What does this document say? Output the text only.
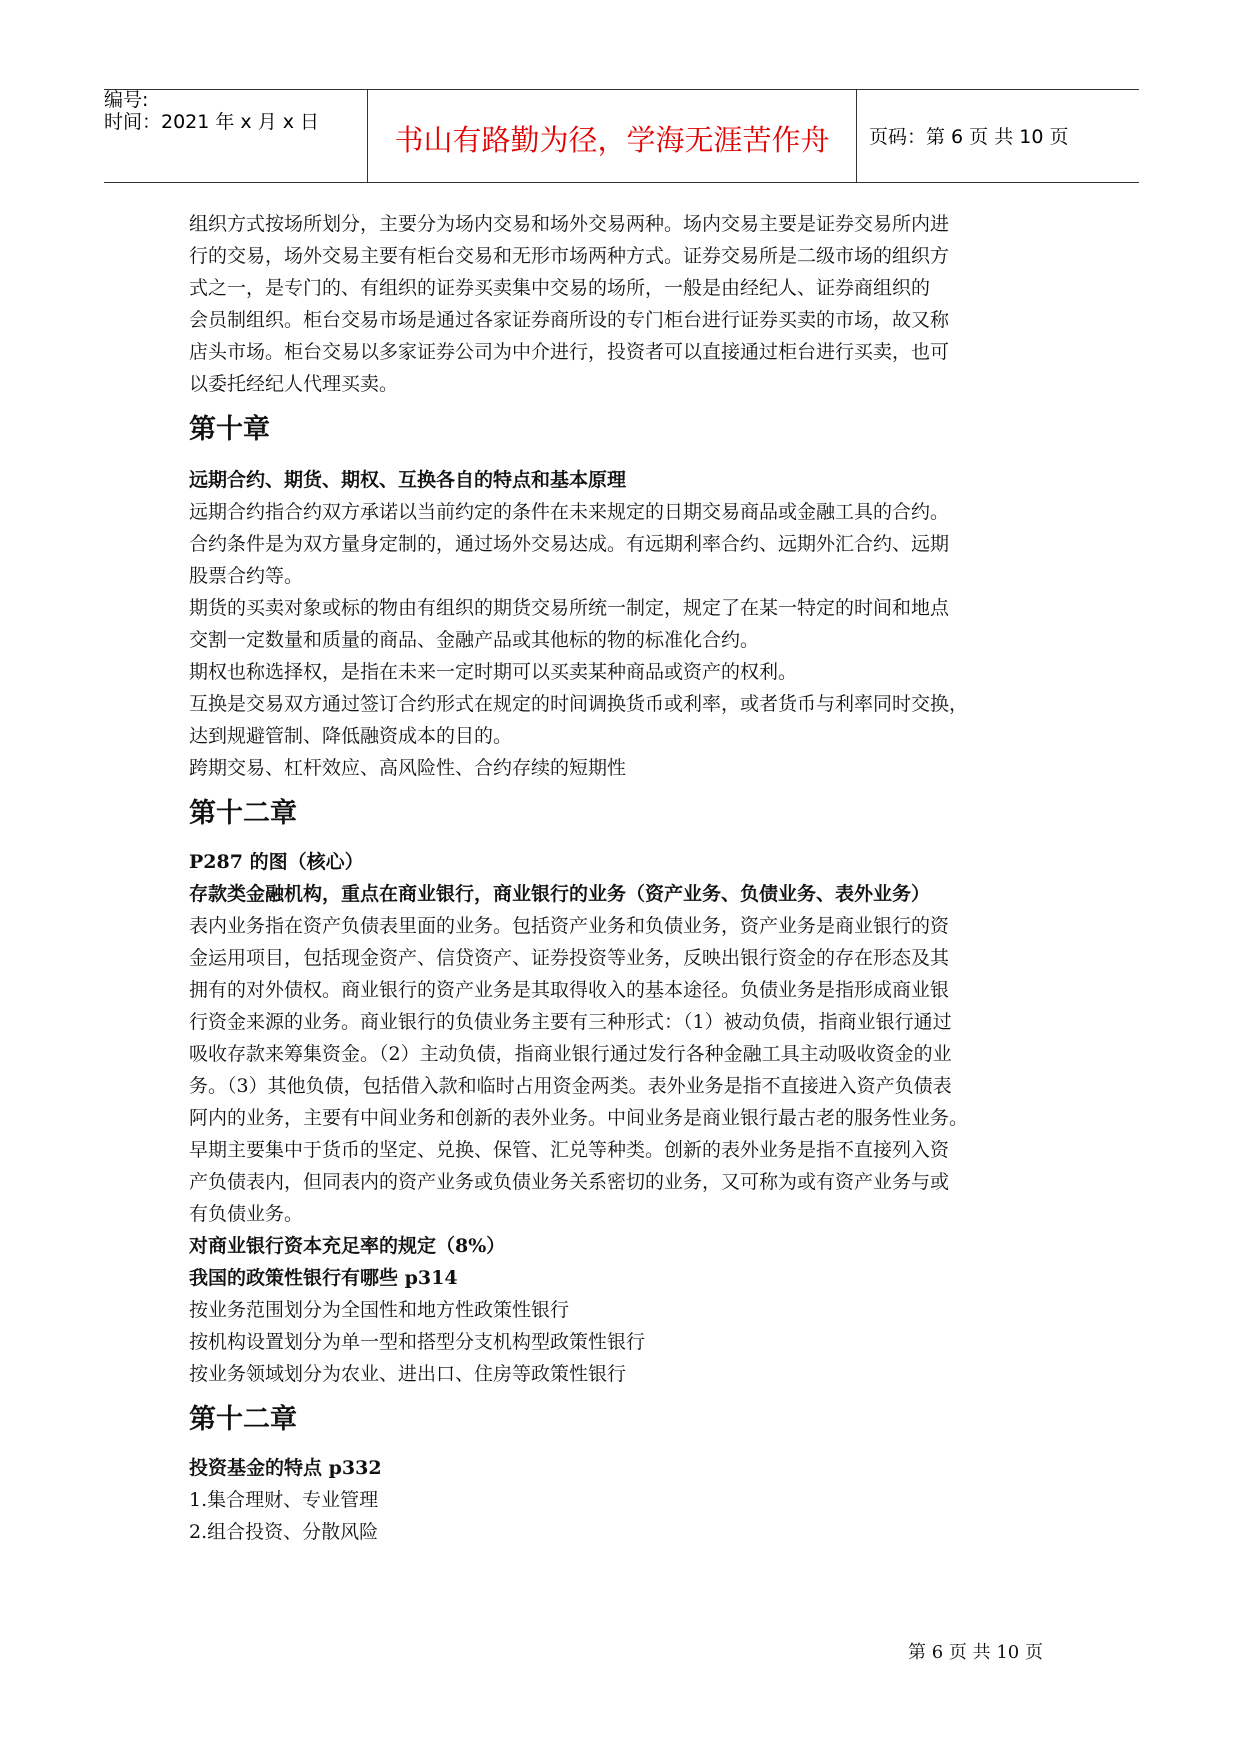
编号:
时间：2021 年 x 月 x 日
书山有路勤为径，学海无涯苦作舟	页码：第 6 页 共 10 页

组织方式按场所划分，主要分为场内交易和场外交易两种。场内交易主要是证券交易所内进

行的交易，场外交易主要有柜台交易和无形市场两种方式。证券交易所是二级市场的组织方

式之一，是专门的、有组织的证券买卖集中交易的场所，一般是由经纪人、证券商组织的

会员制组织。柜台交易市场是通过各家证券商所设的专门柜台进行证券买卖的市场，故又称

店头市场。柜台交易以多家证券公司为中介进行，投资者可以直接通过柜台进行买卖，也可

以委托经纪人代理买卖。

第十章

远期合约、期货、期权、互换各自的特点和基本原理

远期合约指合约双方承诺以当前约定的条件在未来规定的日期交易商品或金融工具的合约。

合约条件是为双方量身定制的，通过场外交易达成。有远期利率合约、远期外汇合约、远期

股票合约等。

期货的买卖对象或标的物由有组织的期货交易所统一制定，规定了在某一特定的时间和地点

交割一定数量和质量的商品、金融产品或其他标的物的标准化合约。

期权也称选择权，是指在未来一定时期可以买卖某种商品或资产的权利。

互换是交易双方通过签订合约形式在规定的时间调换货币或利率，或者货币与利率同时交换，

达到规避管制、降低融资成本的目的。

跨期交易、杠杆效应、高风险性、合约存续的短期性

第十二章

P287 的图（核心）

存款类金融机构，重点在商业银行，商业银行的业务（资产业务、负债业务、表外业务）

表内业务指在资产负债表里面的业务。包括资产业务和负债业务，资产业务是商业银行的资

金运用项目，包括现金资产、信贷资产、证券投资等业务，反映出银行资金的存在形态及其

拥有的对外债权。商业银行的资产业务是其取得收入的基本途径。负债业务是指形成商业银

行资金来源的业务。商业银行的负债业务主要有三种形式：（1）被动负债，指商业银行通过

吸收存款来筹集资金。（2）主动负债，指商业银行通过发行各种金融工具主动吸收资金的业

务。（3）其他负债，包括借入款和临时占用资金两类。表外业务是指不直接进入资产负债表

阿内的业务，主要有中间业务和创新的表外业务。中间业务是商业银行最古老的服务性业务。

早期主要集中于货币的坚定、兑换、保管、汇兑等种类。创新的表外业务是指不直接列入资

产负债表内，但同表内的资产业务或负债业务关系密切的业务，又可称为或有资产业务与或

有负债业务。

对商业银行资本充足率的规定（8%）

我国的政策性银行有哪些 p314

按业务范围划分为全国性和地方性政策性银行

按机构设置划分为单一型和搭型分支机构型政策性银行

按业务领域划分为农业、进出口、住房等政策性银行

第十二章

投资基金的特点 p332

1.集合理财、专业管理

2.组合投资、分散风险

第 6 页 共 10 页
